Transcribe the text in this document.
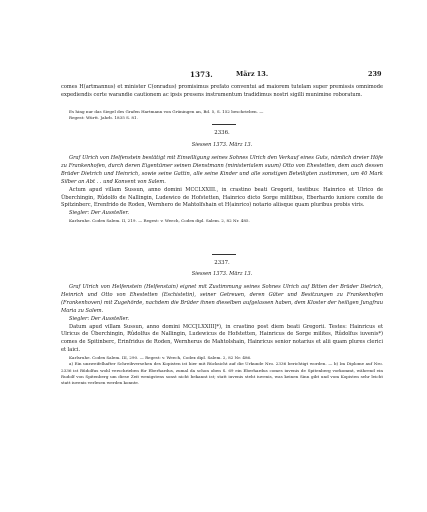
1373.	März 13.	239

comes H(artmannus) et minister C(onradus) promisimus prefato conventui ad maiorem tutelam super premissis omnimode expediendis certe warandie cautionem ac ipsis presens instrumentum tradidimus nostri sigilli munimine roboratum.

Es hing nur das Siegel des Grafen Hartmann von Grüningen an, Bd. 5, S. 152 beschrieben. —

Regest: Württ. Jahrb. 1835 S. 81.

2336.
Siessen 1373. März 13.

Graf Ulrich von Helfenstein bestätigt mit Einwilligung seines Sohnes Ulrich den Verkauf eines Guts, nämlich dreier Höfe zu Frankenhofen, durch deren Eigentümer seinen Dienstmann (ministerialem suum) Otto von Ehestetten, dem auch dessen Brüder Dietrich und Heinrich, sowie seine Gattin, alle seine Kinder und alle sonstigen Beteiligten zustimmen, um 40 Mark Silber an Abt . . und Konvent von Salem.

Actum apud villam Sussun, anno domini MCCLXXIII., in crastino beati Gregorii, testibus: Hainrico et Ulrico de Überchingin, Rûdolfo de Nallingin, Ludewico de Hofstetten, Hainrico dicto Sorge militibus, Eberhardo iuniore comite de Spitzinberc, Erenfrido de Roden, Wernhero de Mahtolfshain et H(ainrico) notario aliisque quam pluribus probis viris.

Siegler: Der Aussteller.

Karlsruhe. Codex Salem. II, 219. — Regest: v. Weech, Codex dipl. Salem. 2, 82 Nr. 485.

2337.
Siessen 1373. März 13.

Graf Ulrich von Helfenstein (Helfenstain) eignet mit Zustimmung seines Sohnes Ulrich auf Bitten der Brüder Dietrich, Heinrich und Otto von Ehestetten (Eschistetin), seiner Getreuen, deren Güter und Besitzungen zu Frankenhofen (Frankenhoven) mit Zugehörde, nachdem die Brüder ihnen dieselben aufgelassen haben, dem Kloster der heiligen Jungfrau Maria zu Salem.

Siegler: Der Aussteller.

Datum apud villam Sussun, anno domini MCC[LXXIII]*), in crastino post diem beati Gregorii. Testes: Hainricus et Ulricus de Überchingin, Rûdolfus de Nallingin, Ludewicus de Hofstetten, Hainricus de Sorge milites, Rûdolfus iuvenis*) comes de Spitinberc, Erinfridus de Roden, Wernherus de Mahtolshain, Hainricus senior notarius et alii quam plures clerici et laici.

Karlsruhe. Codex Salem. III, 290. — Regest: v. Weech, Codex dipl. Salem. 2, 82 Nr. 486.

a) Ein unzweifelhafter Schreibversehen des Kopisten ist hier mit Rücksicht auf die Urkunde Nro. 2336 berichtigt worden. — b) Im Diplome auf Nro. 2336 ist Rûdolfus wohl verschrieben für Eberhardus, zumal da schon oben S. 69 ein Eberhardus comes iuvenis de Spitenberg vorkommt, während ein Rudolf von Spitenberg um diese Zeit wenigstens sonst nicht bekannt ist; statt iuvenis steht iuvenis, was keinen Sinn gibt und vom Kopisten sehr leicht statt iuvenis verlesen werden konnte.
